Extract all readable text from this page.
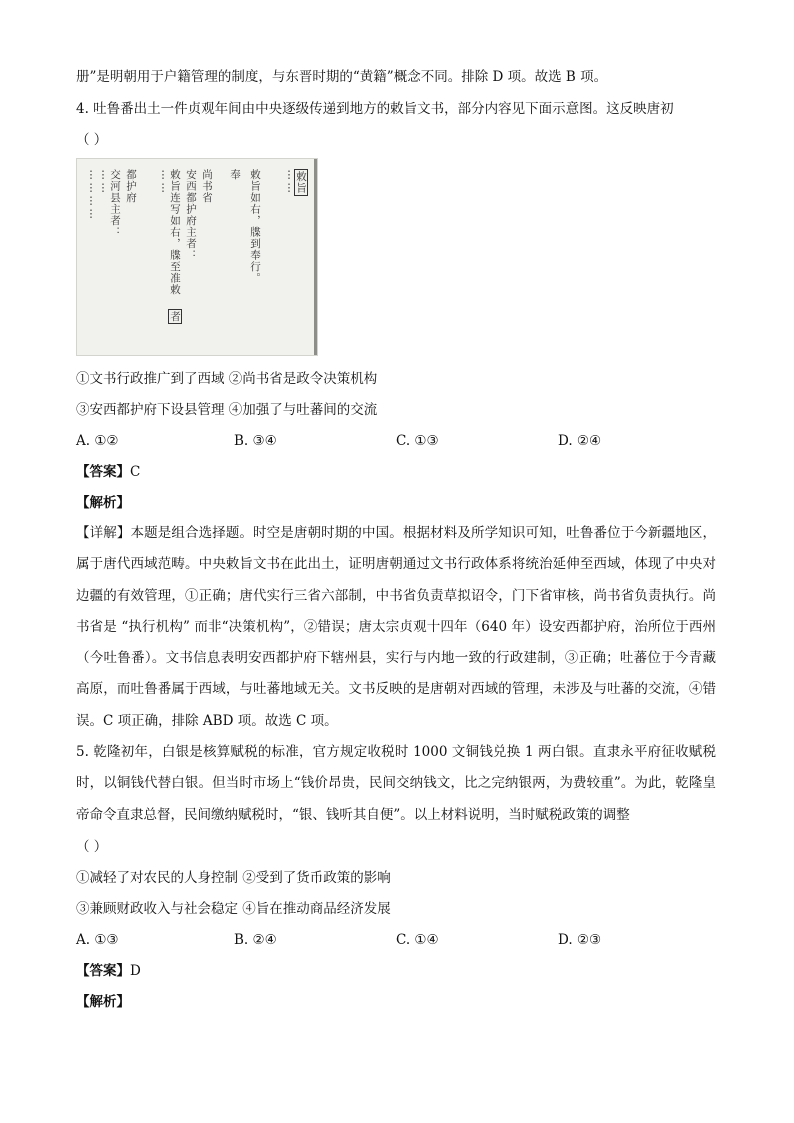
册”是明朝用于户籍管理的制度，与东晋时期的“黄籍”概念不同。排除 D 项。故选 B 项。
4. 吐鲁番出土一件贞观年间由中央逐级传递到地方的敕旨文书，部分内容见下面示意图。这反映唐初
（ ）
敕旨
⋮⋮
敕旨如右，牒到奉行。
奉
尚书省
安西都护府主者：
敕旨连写如右，牒至准敕 者
⋮⋮
都护府
交河县主者：
⋮⋮
⋮⋮⋮⋮
①文书行政推广到了西域 ②尚书省是政令决策机构
③安西都护府下设县管理 ④加强了与吐蕃间的交流
A. ①②	B. ③④	C. ①③	D. ②④
【答案】C
【解析】
【详解】本题是组合选择题。时空是唐朝时期的中国。根据材料及所学知识可知，吐鲁番位于今新疆地区，属于唐代西域范畴。中央敕旨文书在此出土，证明唐朝通过文书行政体系将统治延伸至西域，体现了中央对边疆的有效管理，①正确；唐代实行三省六部制，中书省负责草拟诏令，门下省审核，尚书省负责执行。尚书省是 “执行机构” 而非“决策机构”，②错误；唐太宗贞观十四年（640 年）设安西都护府，治所位于西州（今吐鲁番）。文书信息表明安西都护府下辖州县，实行与内地一致的行政建制，③正确；吐蕃位于今青藏高原，而吐鲁番属于西域，与吐蕃地域无关。文书反映的是唐朝对西域的管理，未涉及与吐蕃的交流，④错误。C 项正确，排除 ABD 项。故选 C 项。
5. 乾隆初年，白银是核算赋税的标准，官方规定收税时 1000 文铜钱兑换 1 两白银。直隶永平府征收赋税时，以铜钱代替白银。但当时市场上“钱价昂贵，民间交纳钱文，比之完纳银两，为费较重”。为此，乾隆皇帝命令直隶总督，民间缴纳赋税时，“银、钱听其自便”。以上材料说明，当时赋税政策的调整
（ ）
①减轻了对农民的人身控制 ②受到了货币政策的影响
③兼顾财政收入与社会稳定 ④旨在推动商品经济发展
A. ①③	B. ②④	C. ①④	D. ②③
【答案】D
【解析】
